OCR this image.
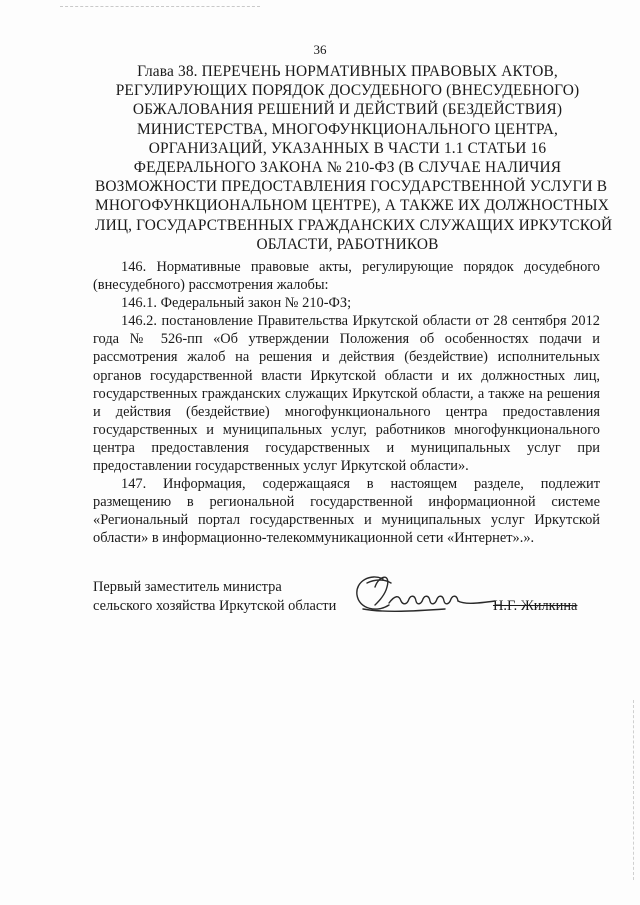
36
Глава 38. ПЕРЕЧЕНЬ НОРМАТИВНЫХ ПРАВОВЫХ АКТОВ,
РЕГУЛИРУЮЩИХ ПОРЯДОК ДОСУДЕБНОГО (ВНЕСУДЕБНОГО)
ОБЖАЛОВАНИЯ РЕШЕНИЙ И ДЕЙСТВИЙ (БЕЗДЕЙСТВИЯ)
МИНИСТЕРСТВА, МНОГОФУНКЦИОНАЛЬНОГО ЦЕНТРА,
ОРГАНИЗАЦИЙ, УКАЗАННЫХ В ЧАСТИ 1.1 СТАТЬИ 16
ФЕДЕРАЛЬНОГО ЗАКОНА № 210-ФЗ (В СЛУЧАЕ НАЛИЧИЯ
ВОЗМОЖНОСТИ ПРЕДОСТАВЛЕНИЯ ГОСУДАРСТВЕННОЙ УСЛУГИ В
МНОГОФУНКЦИОНАЛЬНОМ ЦЕНТРЕ), А ТАКЖЕ ИХ ДОЛЖНОСТНЫХ
ЛИЦ, ГОСУДАРСТВЕННЫХ ГРАЖДАНСКИХ СЛУЖАЩИХ ИРКУТСКОЙ
ОБЛАСТИ, РАБОТНИКОВ

146. Нормативные правовые акты, регулирующие порядок досудебного (внесудебного) рассмотрения жалобы:

146.1. Федеральный закон № 210-ФЗ;

146.2. постановление Правительства Иркутской области от 28 сентября 2012 года № 526-пп «Об утверждении Положения об особенностях подачи и рассмотрения жалоб на решения и действия (бездействие) исполнительных органов государственной власти Иркутской области и их должностных лиц, государственных гражданских служащих Иркутской области, а также на решения и действия (бездействие) многофункционального центра предоставления государственных и муниципальных услуг, работников многофункционального центра предоставления государственных и муниципальных услуг при предоставлении государственных услуг Иркутской области».

147. Информация, содержащаяся в настоящем разделе, подлежит размещению в региональной государственной информационной системе «Региональный портал государственных и муниципальных услуг Иркутской области» в информационно-телекоммуникационной сети «Интернет».».

Первый заместитель министра
сельского хозяйства Иркутской области	Н.Г. Жилкина
